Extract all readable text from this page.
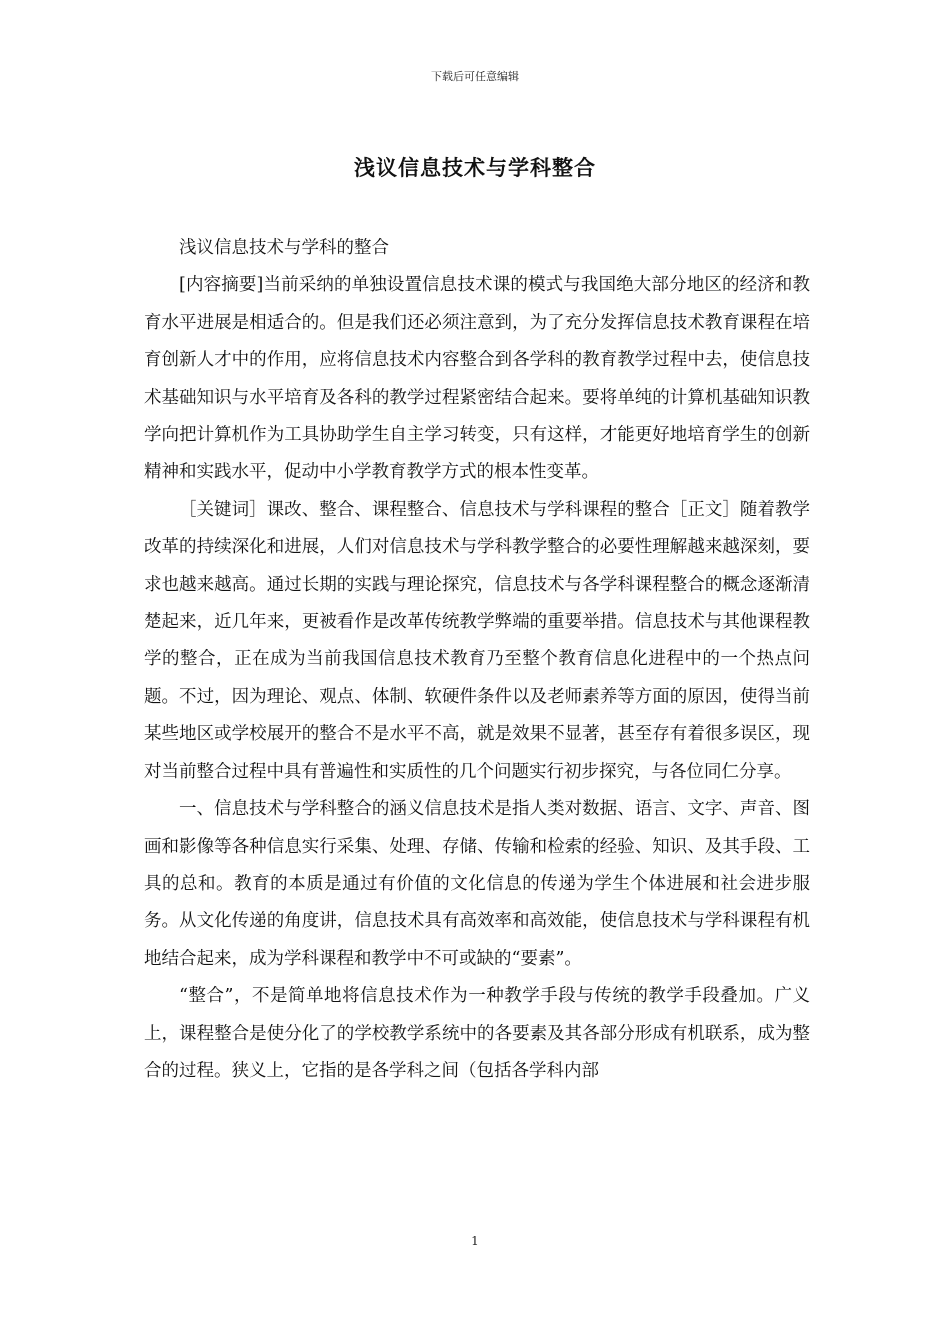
下载后可任意编辑
浅议信息技术与学科整合

浅议信息技术与学科的整合

[内容摘要]当前采纳的单独设置信息技术课的模式与我国绝大部分地区的经济和教育水平进展是相适合的。但是我们还必须注意到，为了充分发挥信息技术教育课程在培育创新人才中的作用，应将信息技术内容整合到各学科的教育教学过程中去，使信息技术基础知识与水平培育及各科的教学过程紧密结合起来。要将单纯的计算机基础知识教学向把计算机作为工具协助学生自主学习转变，只有这样，才能更好地培育学生的创新精神和实践水平，促动中小学教育教学方式的根本性变革。

［关键词］课改、整合、课程整合、信息技术与学科课程的整合［正文］随着教学改革的持续深化和进展，人们对信息技术与学科教学整合的必要性理解越来越深刻，要求也越来越高。通过长期的实践与理论探究，信息技术与各学科课程整合的概念逐渐清楚起来，近几年来，更被看作是改革传统教学弊端的重要举措。信息技术与其他课程教学的整合，正在成为当前我国信息技术教育乃至整个教育信息化进程中的一个热点问题。不过，因为理论、观点、体制、软硬件条件以及老师素养等方面的原因，使得当前某些地区或学校展开的整合不是水平不高，就是效果不显著，甚至存有着很多误区，现对当前整合过程中具有普遍性和实质性的几个问题实行初步探究，与各位同仁分享。

一、信息技术与学科整合的涵义信息技术是指人类对数据、语言、文字、声音、图画和影像等各种信息实行采集、处理、存储、传输和检索的经验、知识、及其手段、工具的总和。教育的本质是通过有价值的文化信息的传递为学生个体进展和社会进步服务。从文化传递的角度讲，信息技术具有高效率和高效能，使信息技术与学科课程有机地结合起来，成为学科课程和教学中不可或缺的“要素”。

“整合”，不是简单地将信息技术作为一种教学手段与传统的教学手段叠加。广义上，课程整合是使分化了的学校教学系统中的各要素及其各部分形成有机联系，成为整合的过程。狭义上，它指的是各学科之间（包括各学科内部

1
